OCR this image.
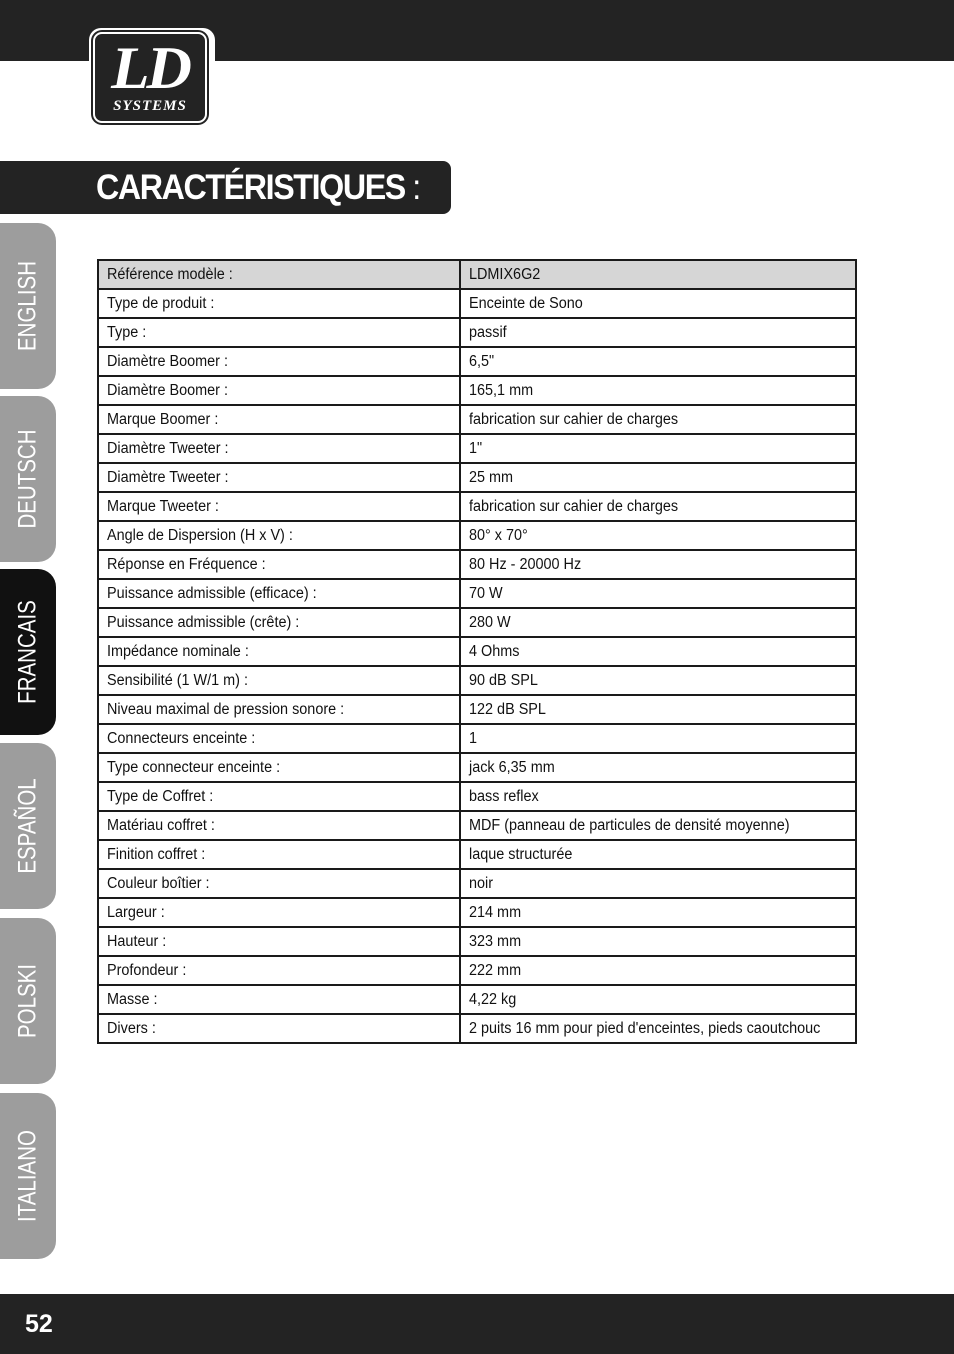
LD
SYSTEMS
CARACTÉRISTIQUES :
ENGLISH
DEUTSCH
FRANCAIS
ESPAÑOL
POLSKI
ITALIANO
Référence modèle :	LDMIX6G2
Type de produit :	Enceinte de Sono
Type :	passif
Diamètre Boomer :	6,5"
Diamètre Boomer :	165,1 mm
Marque Boomer :	fabrication sur cahier de charges
Diamètre Tweeter :	1"
Diamètre Tweeter :	25 mm
Marque Tweeter :	fabrication sur cahier de charges
Angle de Dispersion (H x V) :	80° x 70°
Réponse en Fréquence :	80 Hz - 20000 Hz
Puissance admissible (efficace) :	70 W
Puissance admissible (crête) :	280 W
Impédance nominale :	4 Ohms
Sensibilité (1 W/1 m) :	90 dB SPL
Niveau maximal de pression sonore :	122 dB SPL
Connecteurs enceinte :	1
Type connecteur enceinte :	jack 6,35 mm
Type de Coffret :	bass reflex
Matériau coffret :	MDF (panneau de particules de densité moyenne)
Finition coffret :	laque structurée
Couleur boîtier :	noir
Largeur :	214 mm
Hauteur :	323 mm
Profondeur :	222 mm
Masse :	4,22 kg
Divers :	2 puits 16 mm pour pied d'enceintes, pieds caoutchouc
52
